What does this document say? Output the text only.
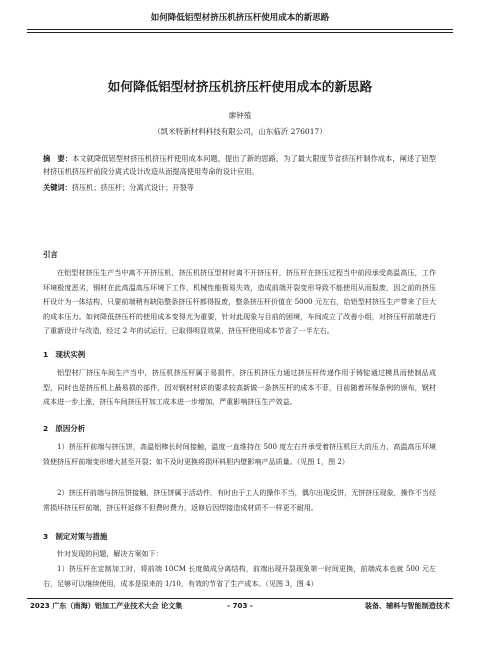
如何降低铝型材挤压机挤压杆使用成本的新思路
如何降低铝型材挤压机挤压杆使用成本的新思路
廖钟殖
（凯米特新材料科技有限公司，山东临沂 276017）
摘　要：本文就降低铝型材挤压机挤压杆使用成本问题，提出了新的思路，为了最大限度节省挤压杆制作成本，阐述了铝型材挤压机挤压杆前段分离式设计改造从而提高使用寿命的设计应用。
关键词：挤压机；挤压杆；分离式设计；开裂等
引言
在铝型材挤压生产当中离不开挤压机，挤压机挤压型材时离不开挤压杆，挤压杆在挤压过程当中前段承受高温高压，工作环境极度恶劣，钢材在此高温高压环境下工作，机械性能极易失效，造成前端开裂变形导致不能使用从而报废，因之前的挤压杆设计为一体结构，只要前端稍有缺陷整条挤压杆都得报废，整条挤压杆价值在 5000 元左右，给铝型材挤压生产带来了巨大的成本压力。如何降低挤压杆的使用成本变得尤为重要，针对此现象与目前的困境，车间成立了改善小组，对挤压杆前端进行了重新设计与改造，经过 2 年的试运行，已取得明显效果，挤压杆使用成本节省了一半左右。
1　现状实例
铝型材厂挤压车间生产当中，挤压机挤压杆属于易损件，挤压机挤压力通过挤压杆传递作用于铸锭通过模具而使制品成型，同时也是挤压机上最易损的部件，因对钢材材质的要求较高新做一条挤压杆的成本不菲，目前随着环保条例的颁布，钢材成本进一步上涨，挤压车间挤压杆加工成本进一步增加，严重影响挤压生产效益。
2　原因分析
1）挤压杆前端与挤压饼，高温铝棒长时间接触，温度一直维持在 500 度左右并承受着挤压机巨大的压力，高温高压环境致使挤压杆前端变形增大甚至开裂；如不及时更换将损坏料胆内壁影响产品质量。（见图 1，图 2）
2）挤压杆前端与挤压饼接触，挤压饼属于活动件，有时由于工人的操作不当，偶尔出现反饼，无饼挤压现象，操作不当经常损坏挤压杆前端，挤压杆返修不但费时费力，返修后因焊接造成材质不一样更不耐用。
3　制定对策与措施
针对发现的问题，解决方案如下：
1）挤压杆在定制加工时，将前端 10CM 长度做成分离结构，前端出现开裂现象第一时间更换，前端成本也就 500 元左右，足够可以继续使用，成本是原来的 1/10，有效的节省了生产成本。（见图 3，图 4）
2023 广东（南海）铝加工产业技术大会 论文集	- 703 -	装备、辅料与智能制造技术
